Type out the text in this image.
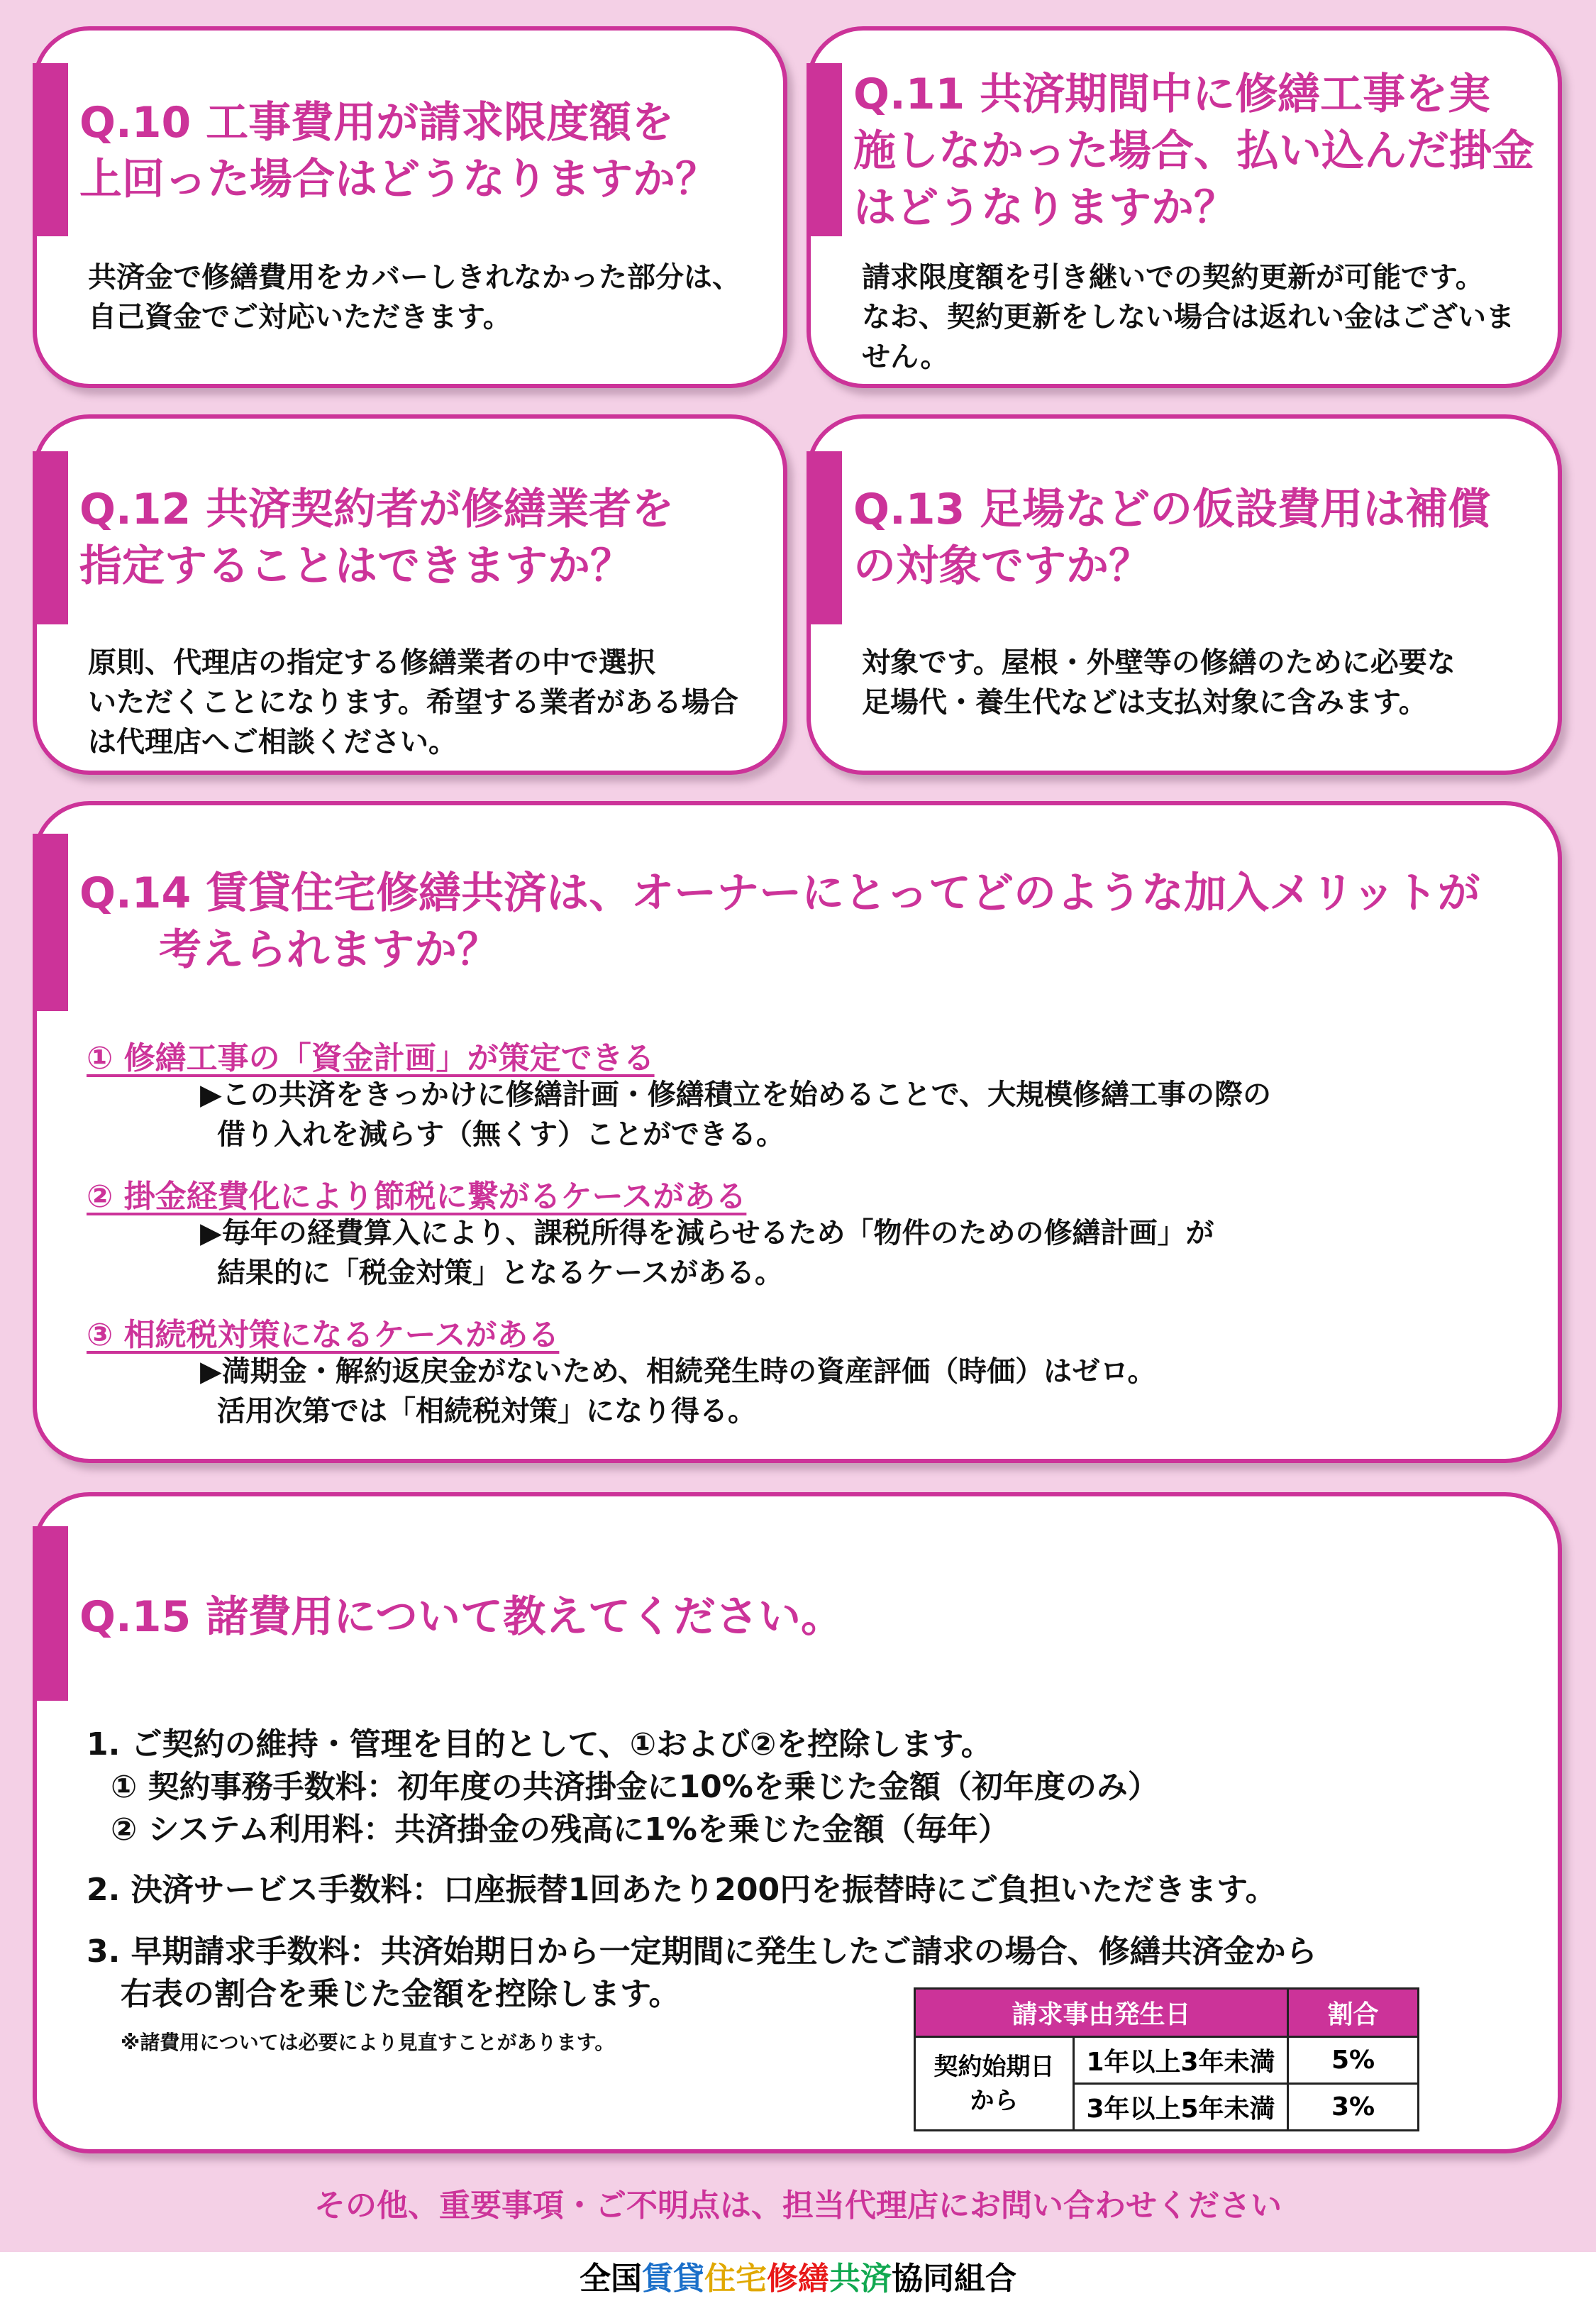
Q.10 工事費用が請求限度額を
上回った場合はどうなりますか？
共済金で修繕費用をカバーしきれなかった部分は、
自己資金でご対応いただきます。
Q.11 共済期間中に修繕工事を実
施しなかった場合、払い込んだ掛金
はどうなりますか？
請求限度額を引き継いでの契約更新が可能です。
なお、契約更新をしない場合は返れい金はございま
せん。
Q.12 共済契約者が修繕業者を
指定することはできますか？
原則、代理店の指定する修繕業者の中で選択
いただくことになります。希望する業者がある場合
は代理店へご相談ください。
Q.13 足場などの仮設費用は補償
の対象ですか？
対象です。屋根・外壁等の修繕のために必要な
足場代・養生代などは支払対象に含みます。
Q.14 賃貸住宅修繕共済は、オーナーにとってどのような加入メリットが
考えられますか？
① 修繕工事の「資金計画」が策定できる
▶この共済をきっかけに修繕計画・修繕積立を始めることで、大規模修繕工事の際の
借り入れを減らす（無くす）ことができる。
② 掛金経費化により節税に繋がるケースがある
▶毎年の経費算入により、課税所得を減らせるため「物件のための修繕計画」が
結果的に「税金対策」となるケースがある。
③ 相続税対策になるケースがある
▶満期金・解約返戻金がないため、相続発生時の資産評価（時価）はゼロ。
活用次第では「相続税対策」になり得る。
Q.15 諸費用について教えてください。
1. ご契約の維持・管理を目的として、①および②を控除します。
① 契約事務手数料：初年度の共済掛金に10%を乗じた金額（初年度のみ）
② システム利用料：共済掛金の残高に1%を乗じた金額（毎年）
2. 決済サービス手数料：口座振替1回あたり200円を振替時にご負担いただきます。
3. 早期請求手数料：共済始期日から一定期間に発生したご請求の場合、修繕共済金から
右表の割合を乗じた金額を控除します。
※諸費用については必要により見直すことがあります。
請求事由発生日		割合

契約始期日
から	1年以上3年未満	5%
	3年以上5年未満	3%
その他、重要事項・ご不明点は、担当代理店にお問い合わせください
全国賃貸住宅修繕共済協同組合
